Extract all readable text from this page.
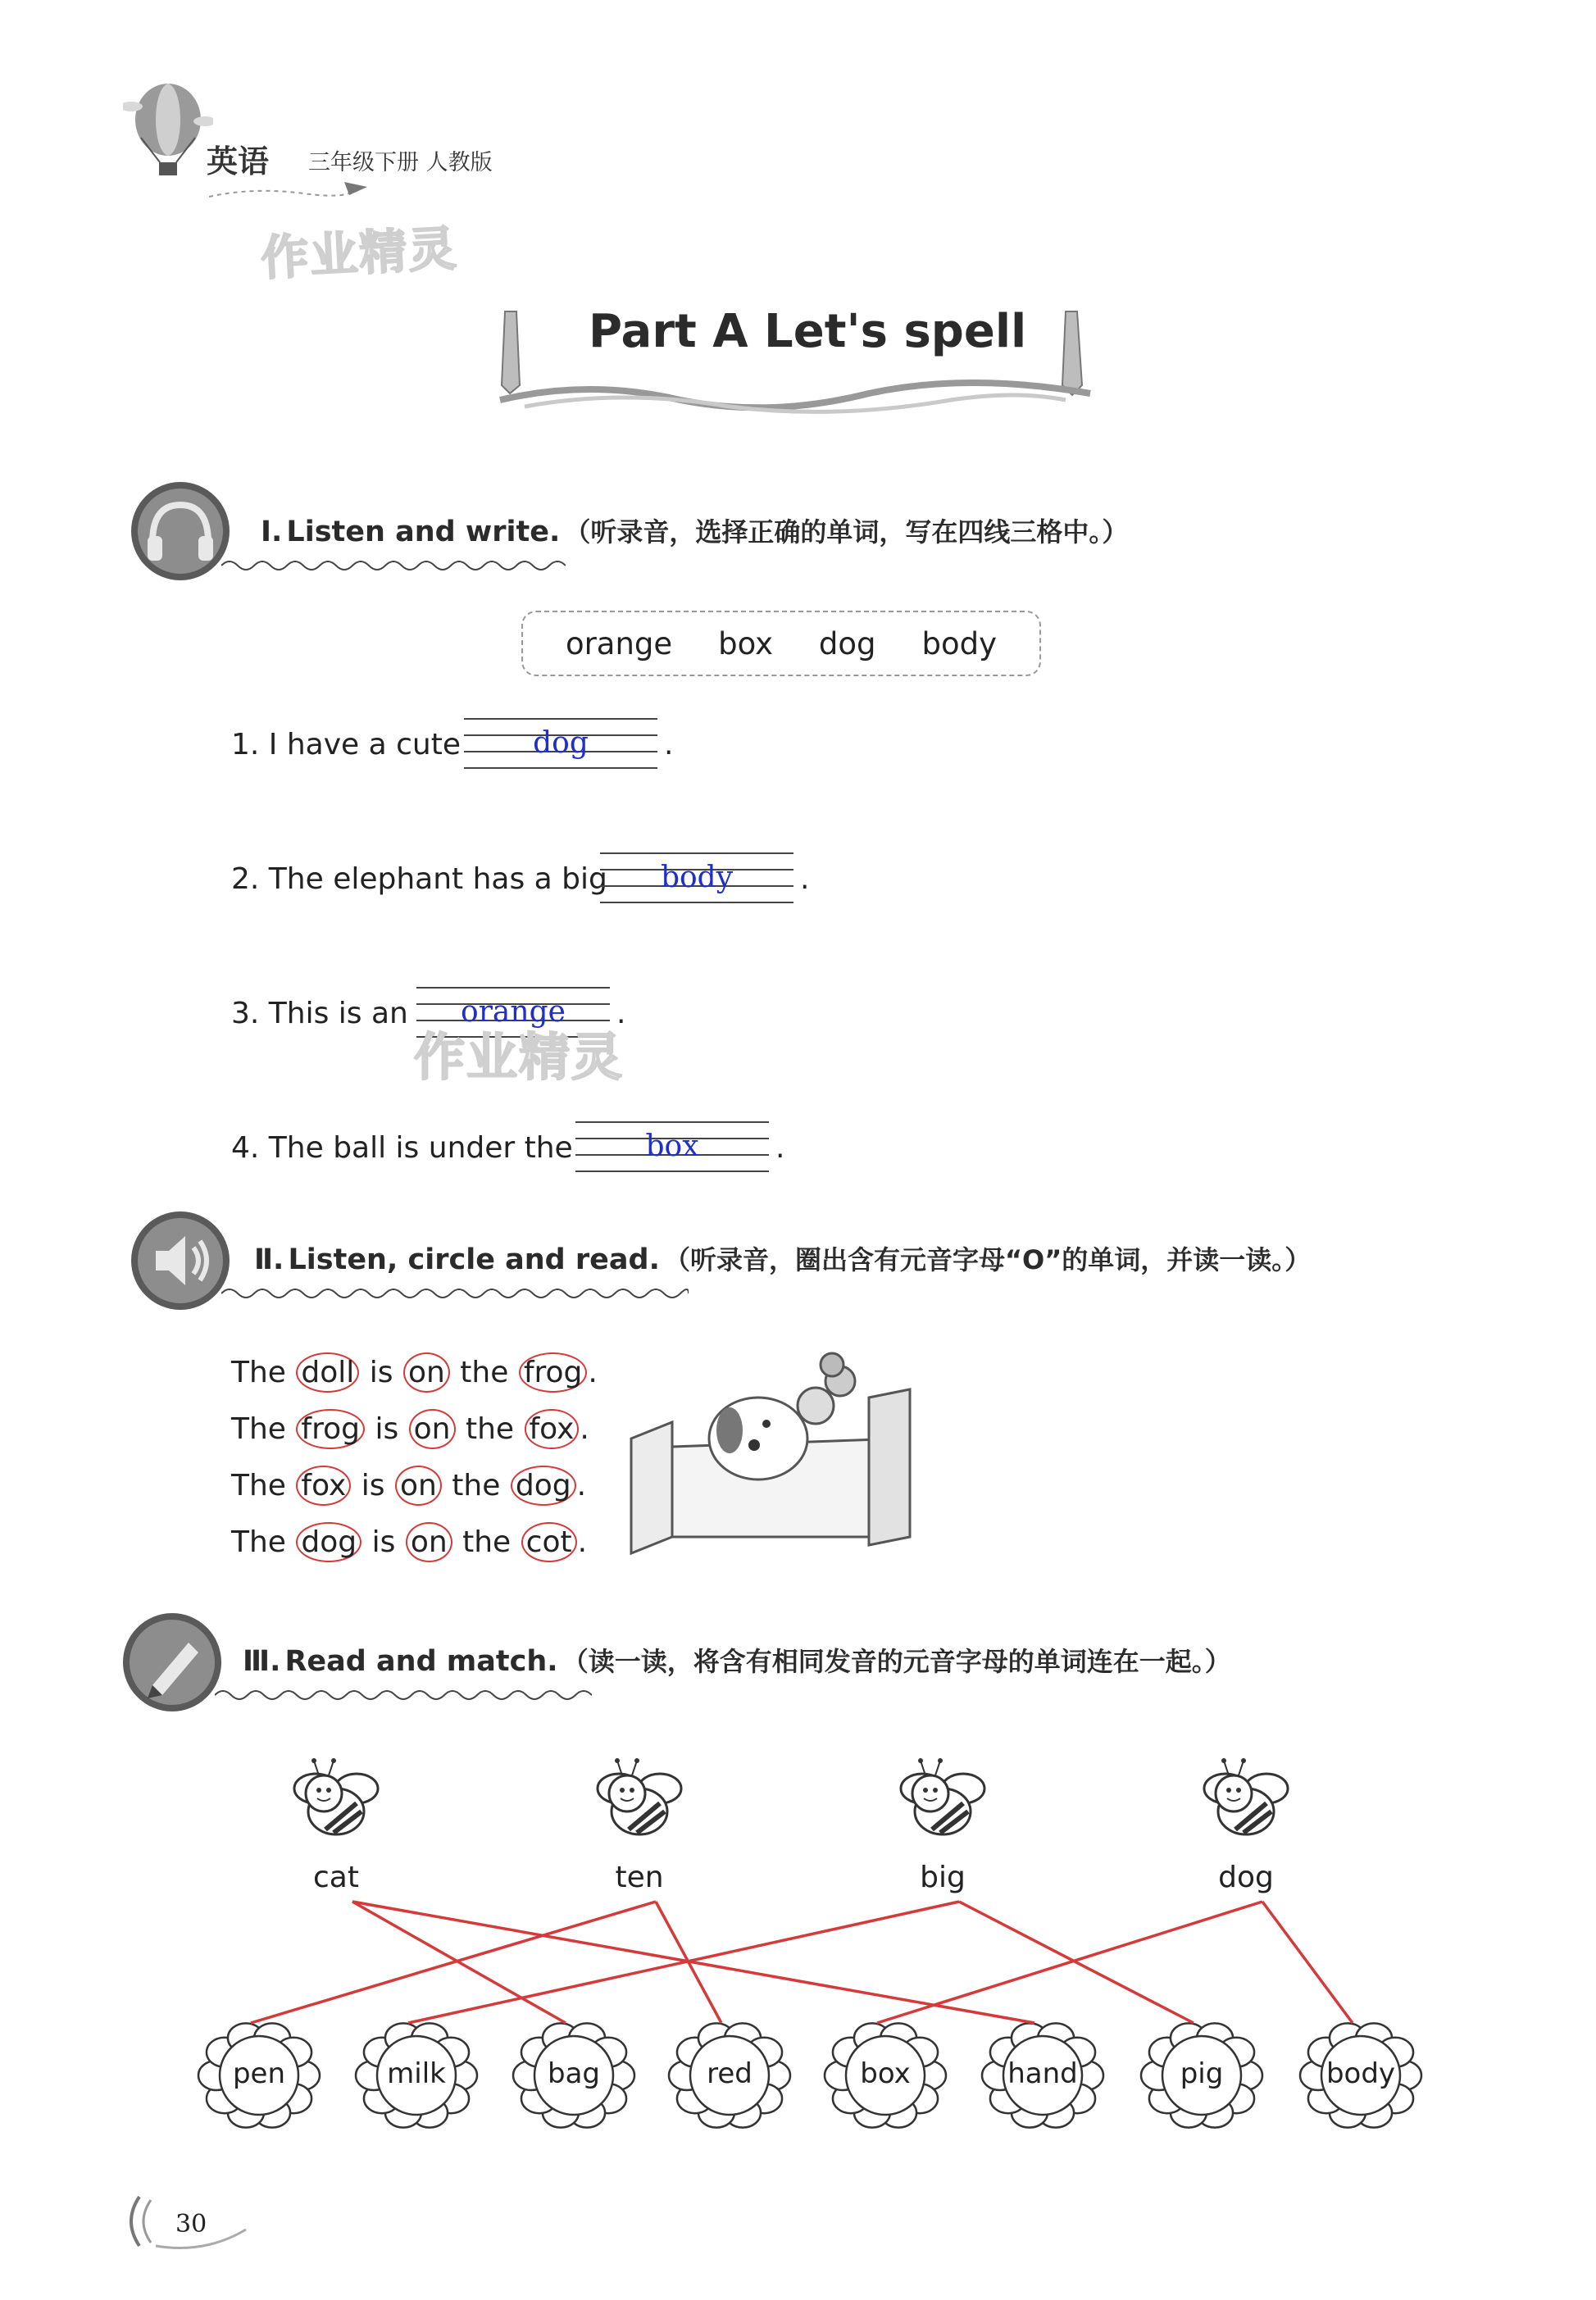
英语 三年级下册 人教版
作业精灵
Part A Let's spell
Ⅰ. Listen and write. （听录音，选择正确的单词，写在四线三格中。）
orange box dog body
1. I have a cute	dog	.
2. The elephant has a big	body	.
3. This is an	orange	.
作业精灵
4. The ball is under the	box	.
Ⅱ. Listen, circle and read. （听录音，圈出含有元音字母“O”的单词，并读一读。）
The doll is on the frog .
The frog is on the fox .
The fox is on the dog .
The dog is on the cot .
Ⅲ. Read and match. （读一读，将含有相同发音的元音字母的单词连在一起。）
cat	ten	big	dog
pen	milk	bag	red	box	hand	pig	body
30
